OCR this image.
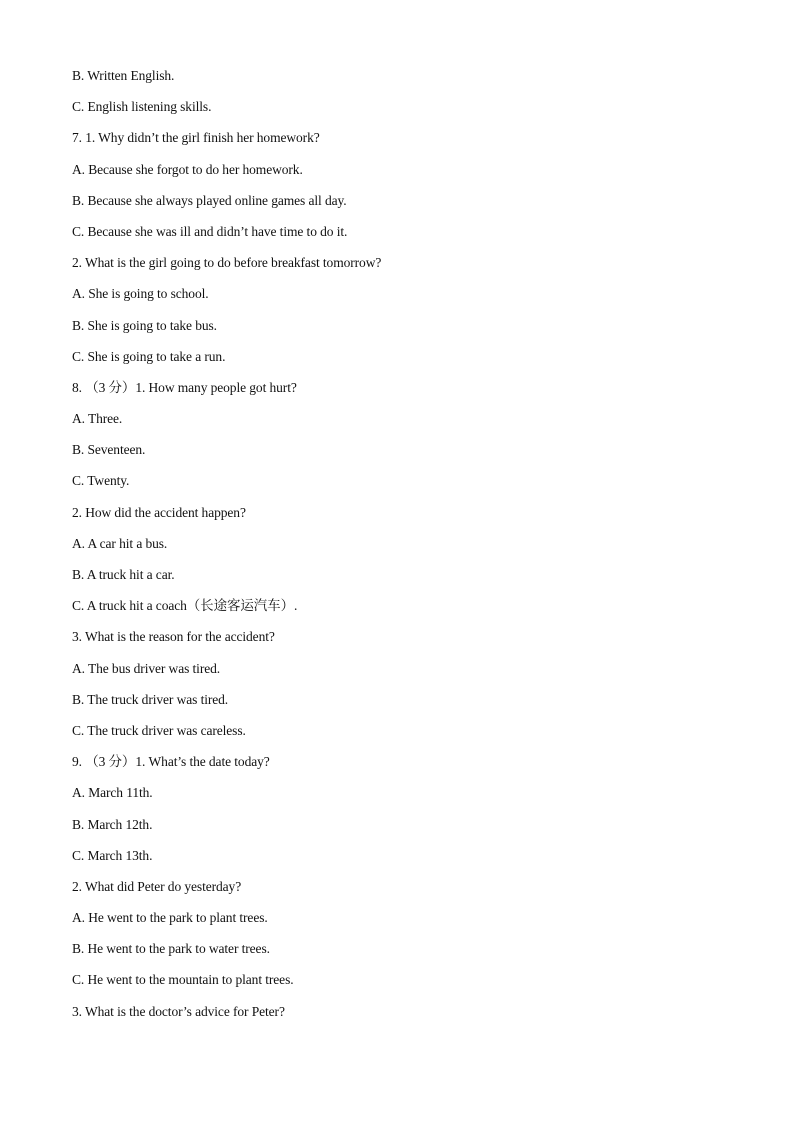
B. Written English.
C. English listening skills.
7. 1. Why didn’t the girl finish her homework?
A. Because she forgot to do her homework.
B. Because she always played online games all day.
C. Because she was ill and didn’t have time to do it.
2. What is the girl going to do before breakfast tomorrow?
A. She is going to school.
B. She is going to take bus.
C. She is going to take a run.
8. （3 分）1. How many people got hurt?
A. Three.
B. Seventeen.
C. Twenty.
2. How did the accident happen?
A. A car hit a bus.
B. A truck hit a car.
C. A truck hit a coach（长途客运汽车）.
3. What is the reason for the accident?
A. The bus driver was tired.
B. The truck driver was tired.
C. The truck driver was careless.
9. （3 分）1. What’s the date today?
A. March 11th.
B. March 12th.
C. March 13th.
2. What did Peter do yesterday?
A. He went to the park to plant trees.
B. He went to the park to water trees.
C. He went to the mountain to plant trees.
3. What is the doctor’s advice for Peter?
